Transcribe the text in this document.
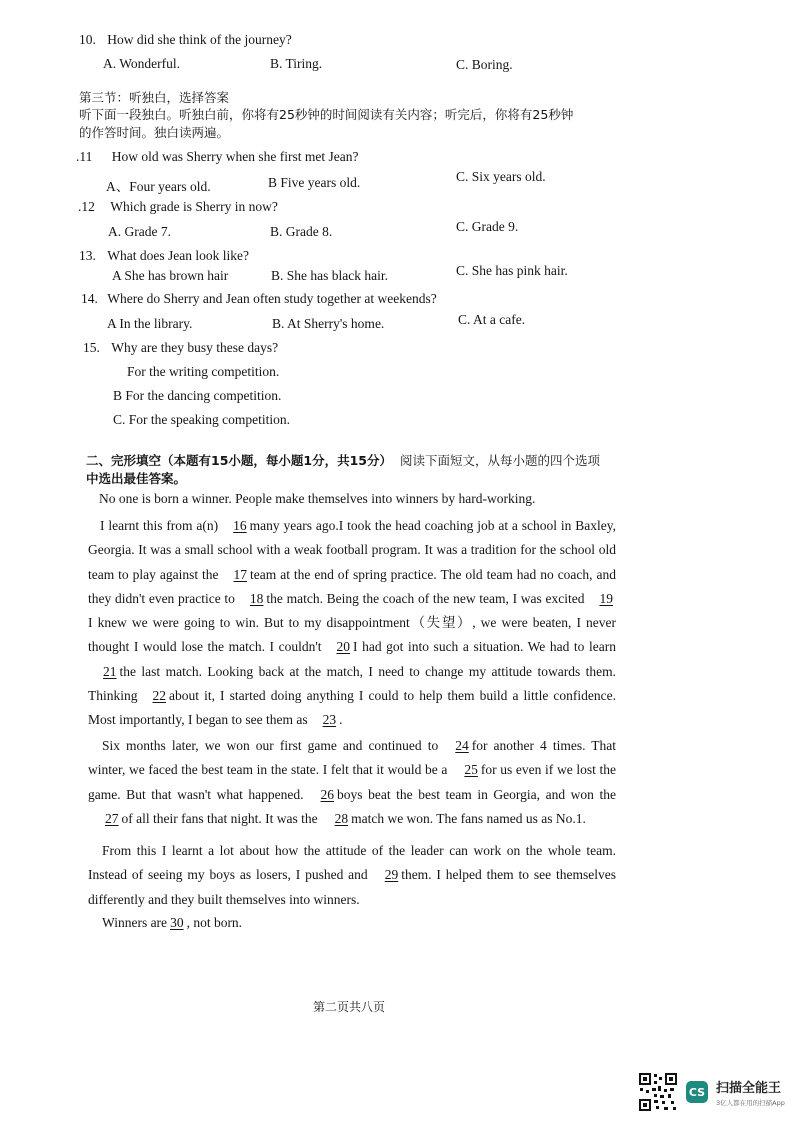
10. How did she think of the journey?
A. Wonderful.	B. Tiring.	C. Boring.
第三节：听独白，选择答案
听下面一段独白。听独白前，你将有25秒钟的时间阅读有关内容；听完后，你将有25秒钟
的作答时间。独白读两遍。
.11 How old was Sherry when she first met Jean?
A、Four years old.	B Five years old.	C. Six years old.
.12 Which grade is Sherry in now?
A. Grade 7.	B. Grade 8.	C. Grade 9.
13. What does Jean look like?
A She has brown hair	B. She has black hair.	C. She has pink hair.
14. Where do Sherry and Jean often study together at weekends?
A In the library.	B. At Sherry's home.	C. At a cafe.
15. Why are they busy these days?
For the writing competition.
B For the dancing competition.
C. For the speaking competition.
二、完形填空（本题有15小题，每小题1分，共15分） 阅读下面短文，从每小题的四个选项
中选出最佳答案。
No one is born a winner. People make themselves into winners by hard-working.

I learnt this from a(n) 16 many years ago.I took the head coaching job at a school in Baxley, Georgia. It was a small school with a weak football program. It was a tradition for the school old team to play against the 17 team at the end of spring practice. The old team had no coach, and they didn't even practice to 18 the match. Being the coach of the new team, I was excited 19 I knew we were going to win. But to my disappointment（失望）, we were beaten, I never thought I would lose the match. I couldn't 20 I had got into such a situation. We had to learn21 the last match. Looking back at the match, I need to change my attitude towards them. Thinking 22 about it, I started doing anything I could to help them build a little confidence. Most importantly, I began to see them as 23 .

Six months later, we won our first game and continued to 24 for another 4 times. That winter, we faced the best team in the state. I felt that it would be a 25 for us even if we lost the game. But that wasn't what happened. 26 boys beat the best team in Georgia, and won the27 of all their fans that night. It was the 28 match we won. The fans named us as No.1.

From this I learnt a lot about how the attitude of the leader can work on the whole team. Instead of seeing my boys as losers, I pushed and 29 them. I helped them to see themselves differently and they built themselves into winners.

Winners are 30 , not born.
第二页共八页
CS 扫描全能王
3亿人都在用的扫描App
